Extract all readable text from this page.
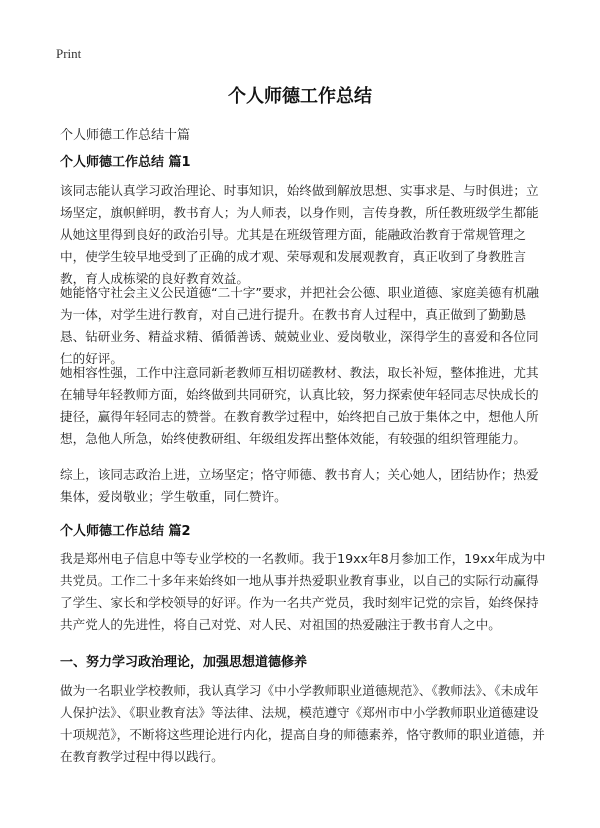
Print
个人师德工作总结

个人师德工作总结十篇

个人师德工作总结 篇1

该同志能认真学习政治理论、时事知识，始终做到解放思想、实事求是、与时俱进；立场坚定，旗帜鲜明，教书育人；为人师表，以身作则，言传身教，所任教班级学生都能从她这里得到良好的政治引导。尤其是在班级管理方面，能融政治教育于常规管理之中，使学生较早地受到了正确的成才观、荣辱观和发展观教育，真正收到了身教胜言教，育人成栋梁的良好教育效益。

她能恪守社会主义公民道德“二十字”要求，并把社会公德、职业道德、家庭美德有机融为一体，对学生进行教育，对自己进行提升。在教书育人过程中，真正做到了勤勤恳恳、钻研业务、精益求精、循循善诱、兢兢业业、爱岗敬业，深得学生的喜爱和各位同仁的好评。

她相容性强，工作中注意同新老教师互相切磋教材、教法，取长补短，整体推进，尤其在辅导年轻教师方面，始终做到共同研究，认真比较，努力探索使年轻同志尽快成长的捷径，赢得年轻同志的赞誉。在教育教学过程中，始终把自己放于集体之中，想他人所想，急他人所急，始终使教研组、年级组发挥出整体效能，有较强的组织管理能力。

综上，该同志政治上进，立场坚定；恪守师德、教书育人；关心她人，团结协作；热爱集体，爱岗敬业；学生敬重，同仁赞许。

个人师德工作总结 篇2

我是郑州电子信息中等专业学校的一名教师。我于19xx年8月参加工作，19xx年成为中共党员。工作二十多年来始终如一地从事并热爱职业教育事业，以自己的实际行动赢得了学生、家长和学校领导的好评。作为一名共产党员，我时刻牢记党的宗旨，始终保持共产党人的先进性，将自己对党、对人民、对祖国的热爱融注于教书育人之中。

一、努力学习政治理论，加强思想道德修养

做为一名职业学校教师，我认真学习《中小学教师职业道德规范》、《教师法》、《未成年人保护法》、《职业教育法》等法律、法规，模范遵守《郑州市中小学教师职业道德建设十项规范》，不断将这些理论进行内化，提高自身的师德素养，恪守教师的职业道德，并在教育教学过程中得以践行。
